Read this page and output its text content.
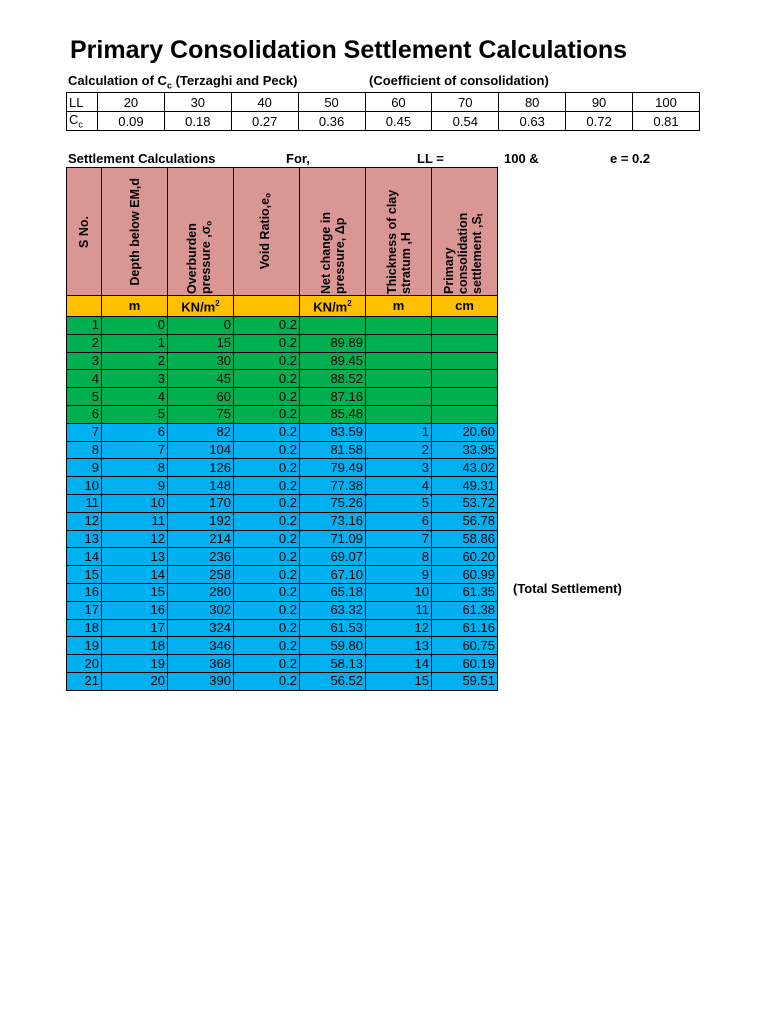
Primary Consolidation Settlement Calculations
Calculation of $C_c$ (Terzaghi and Peck)	(Coefficient of consolidation)
LL	20	30	40	50	60	70	80	90	100
$C_c$	0.09	0.18	0.27	0.36	0.45	0.54	0.63	0.72	0.81
Settlement Calculations	For,	LL =	100 &	e = 0.2
S No.	Depth below EM,d	Overburden pressure $,\sigma_o$	Void $Ratio,e_o$	Net change in pressure, Δp	Thickness of clay stratum ,H	Primary consolidation settlement $,S_t$

	m	$KN/m^2$		$KN/m^2$	m	cm
1	0	0	0.2			
2	1	15	0.2	89.89		
3	2	30	0.2	89.45		
4	3	45	0.2	88.52		
5	4	60	0.2	87.16		
6	5	75	0.2	85.48		
7	6	82	0.2	83.59	1	20.60
8	7	104	0.2	81.58	2	33.95
9	8	126	0.2	79.49	3	43.02
10	9	148	0.2	77.38	4	49.31
11	10	170	0.2	75.26	5	53.72
12	11	192	0.2	73.16	6	56.78
13	12	214	0.2	71.09	7	58.86
14	13	236	0.2	69.07	8	60.20
15	14	258	0.2	67.10	9	60.99
16	15	280	0.2	65.18	10	61.35
17	16	302	0.2	63.32	11	61.38
18	17	324	0.2	61.53	12	61.16
19	18	346	0.2	59.80	13	60.75
20	19	368	0.2	58.13	14	60.19
21	20	390	0.2	56.52	15	59.51
(Total Settlement)
